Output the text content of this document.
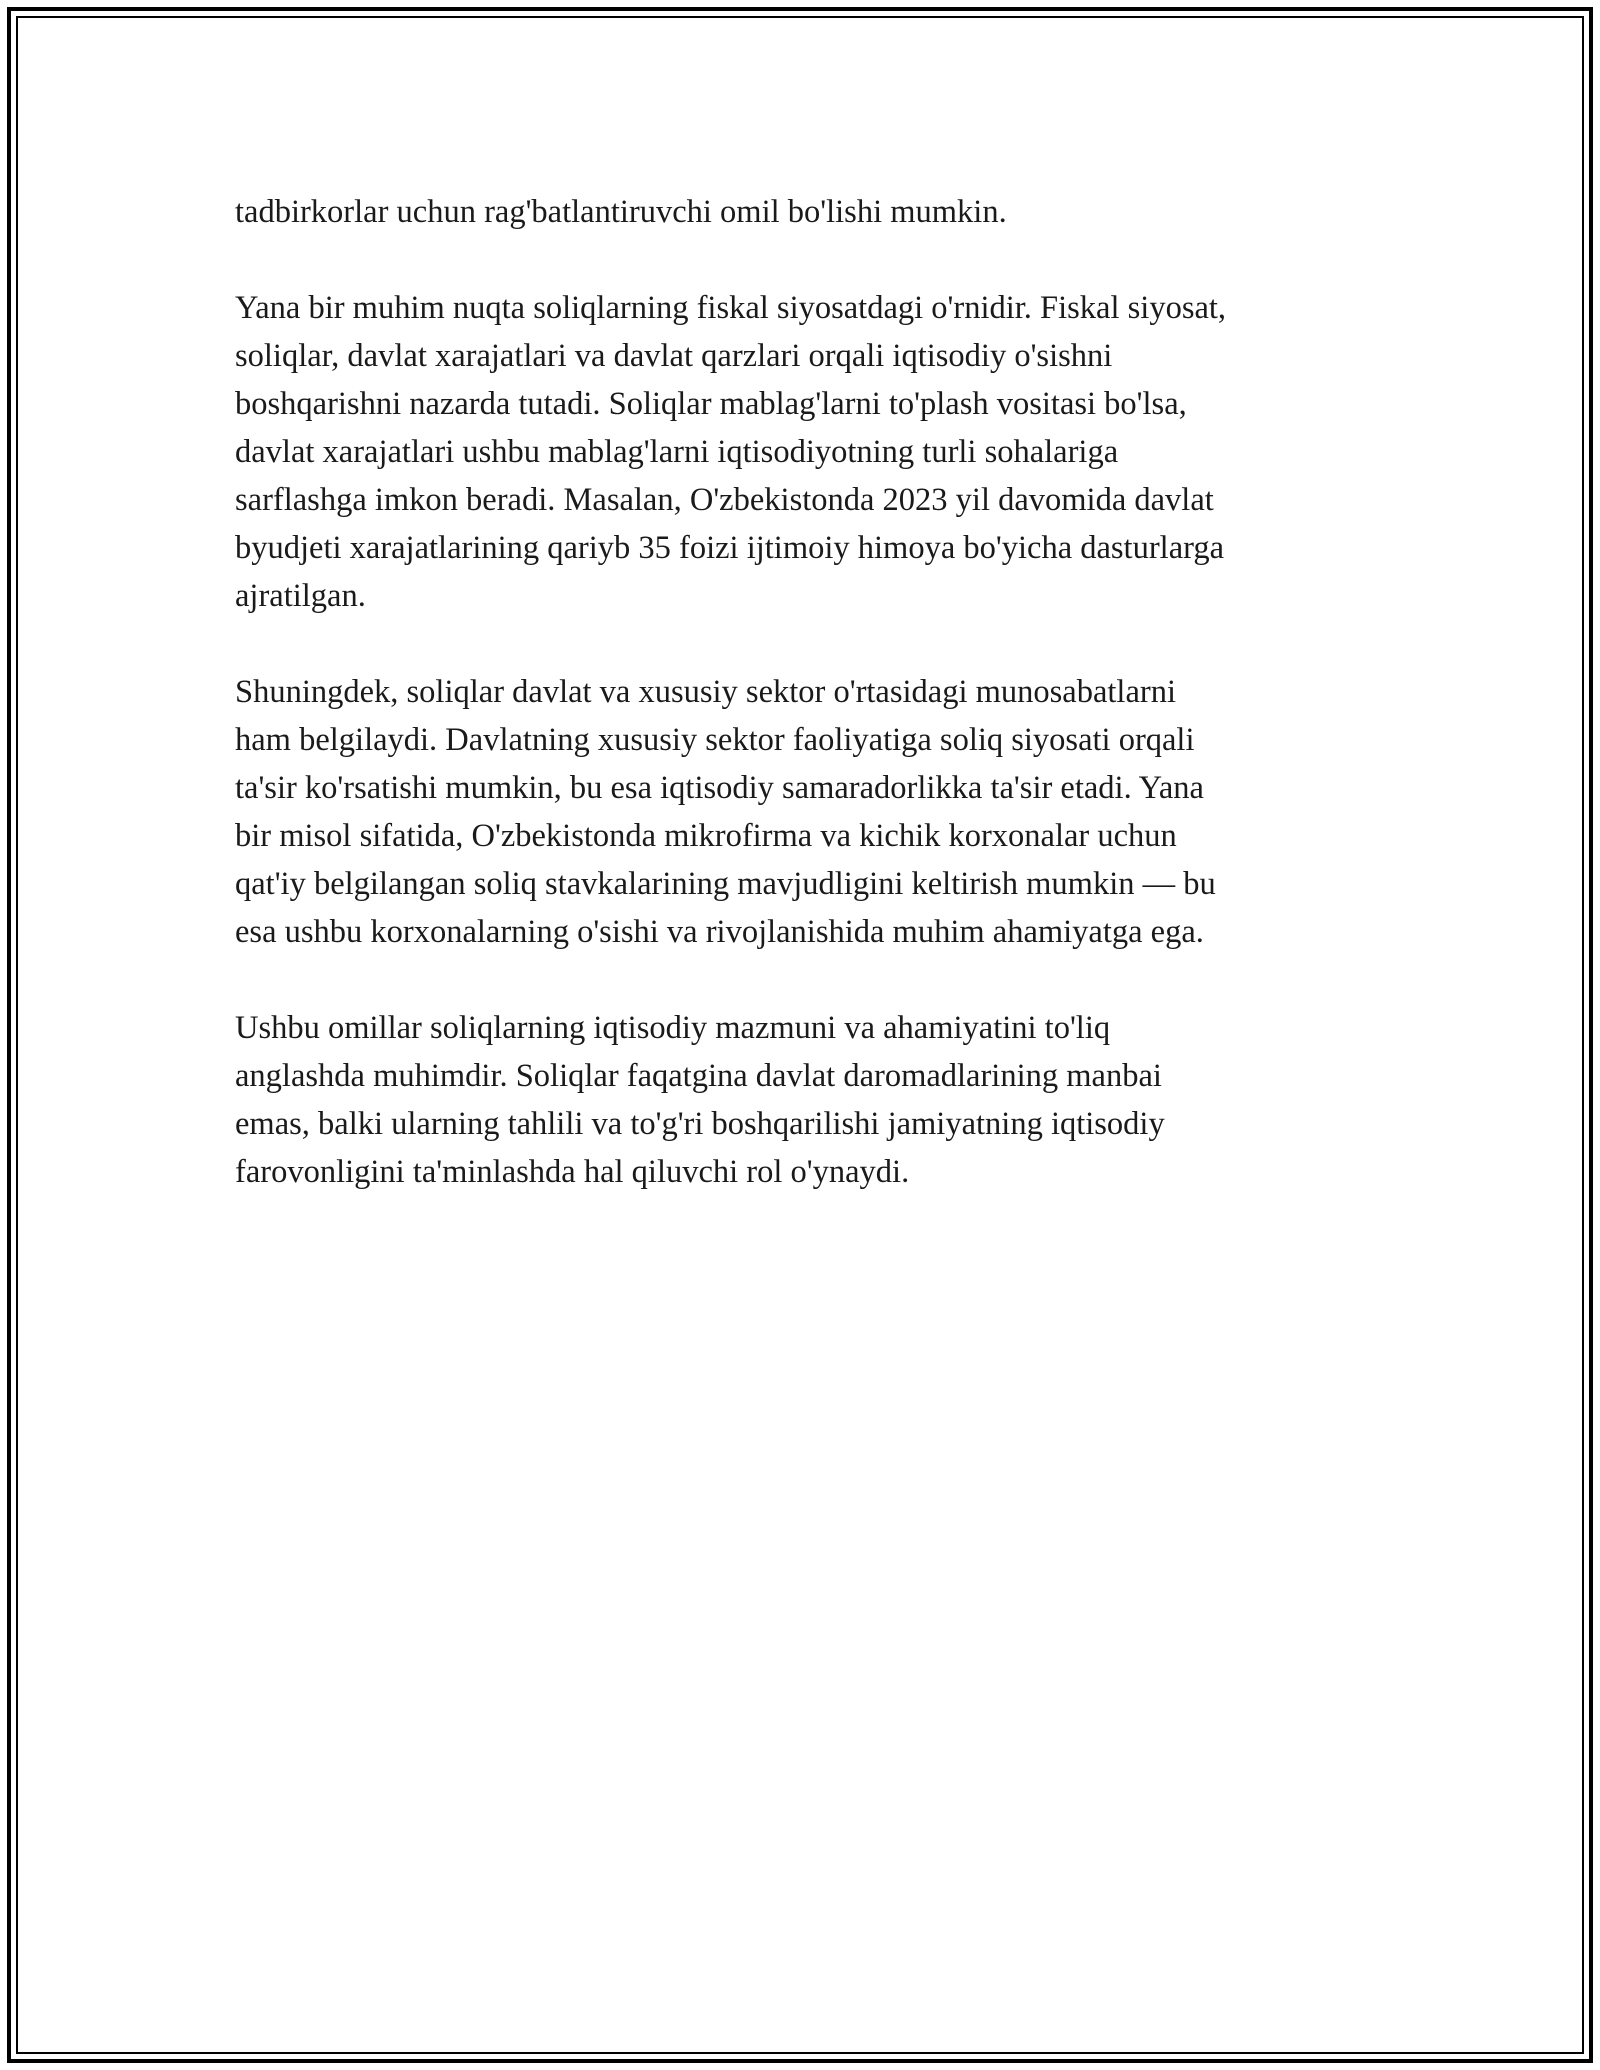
tadbirkorlar uchun rag'batlantiruvchi omil bo'lishi mumkin.

Yana bir muhim nuqta soliqlarning fiskal siyosatdagi o'rnidir. Fiskal siyosat,
soliqlar, davlat xarajatlari va davlat qarzlari orqali iqtisodiy o'sishni
boshqarishni nazarda tutadi. Soliqlar mablag'larni to'plash vositasi bo'lsa,
davlat xarajatlari ushbu mablag'larni iqtisodiyotning turli sohalariga
sarflashga imkon beradi. Masalan, O'zbekistonda 2023 yil davomida davlat
byudjeti xarajatlarining qariyb 35 foizi ijtimoiy himoya bo'yicha dasturlarga
ajratilgan.

Shuningdek, soliqlar davlat va xususiy sektor o'rtasidagi munosabatlarni
ham belgilaydi. Davlatning xususiy sektor faoliyatiga soliq siyosati orqali
ta'sir ko'rsatishi mumkin, bu esa iqtisodiy samaradorlikka ta'sir etadi. Yana
bir misol sifatida, O'zbekistonda mikrofirma va kichik korxonalar uchun
qat'iy belgilangan soliq stavkalarining mavjudligini keltirish mumkin — bu
esa ushbu korxonalarning o'sishi va rivojlanishida muhim ahamiyatga ega.

Ushbu omillar soliqlarning iqtisodiy mazmuni va ahamiyatini to'liq
anglashda muhimdir. Soliqlar faqatgina davlat daromadlarining manbai
emas, balki ularning tahlili va to'g'ri boshqarilishi jamiyatning iqtisodiy
farovonligini ta'minlashda hal qiluvchi rol o'ynaydi.
